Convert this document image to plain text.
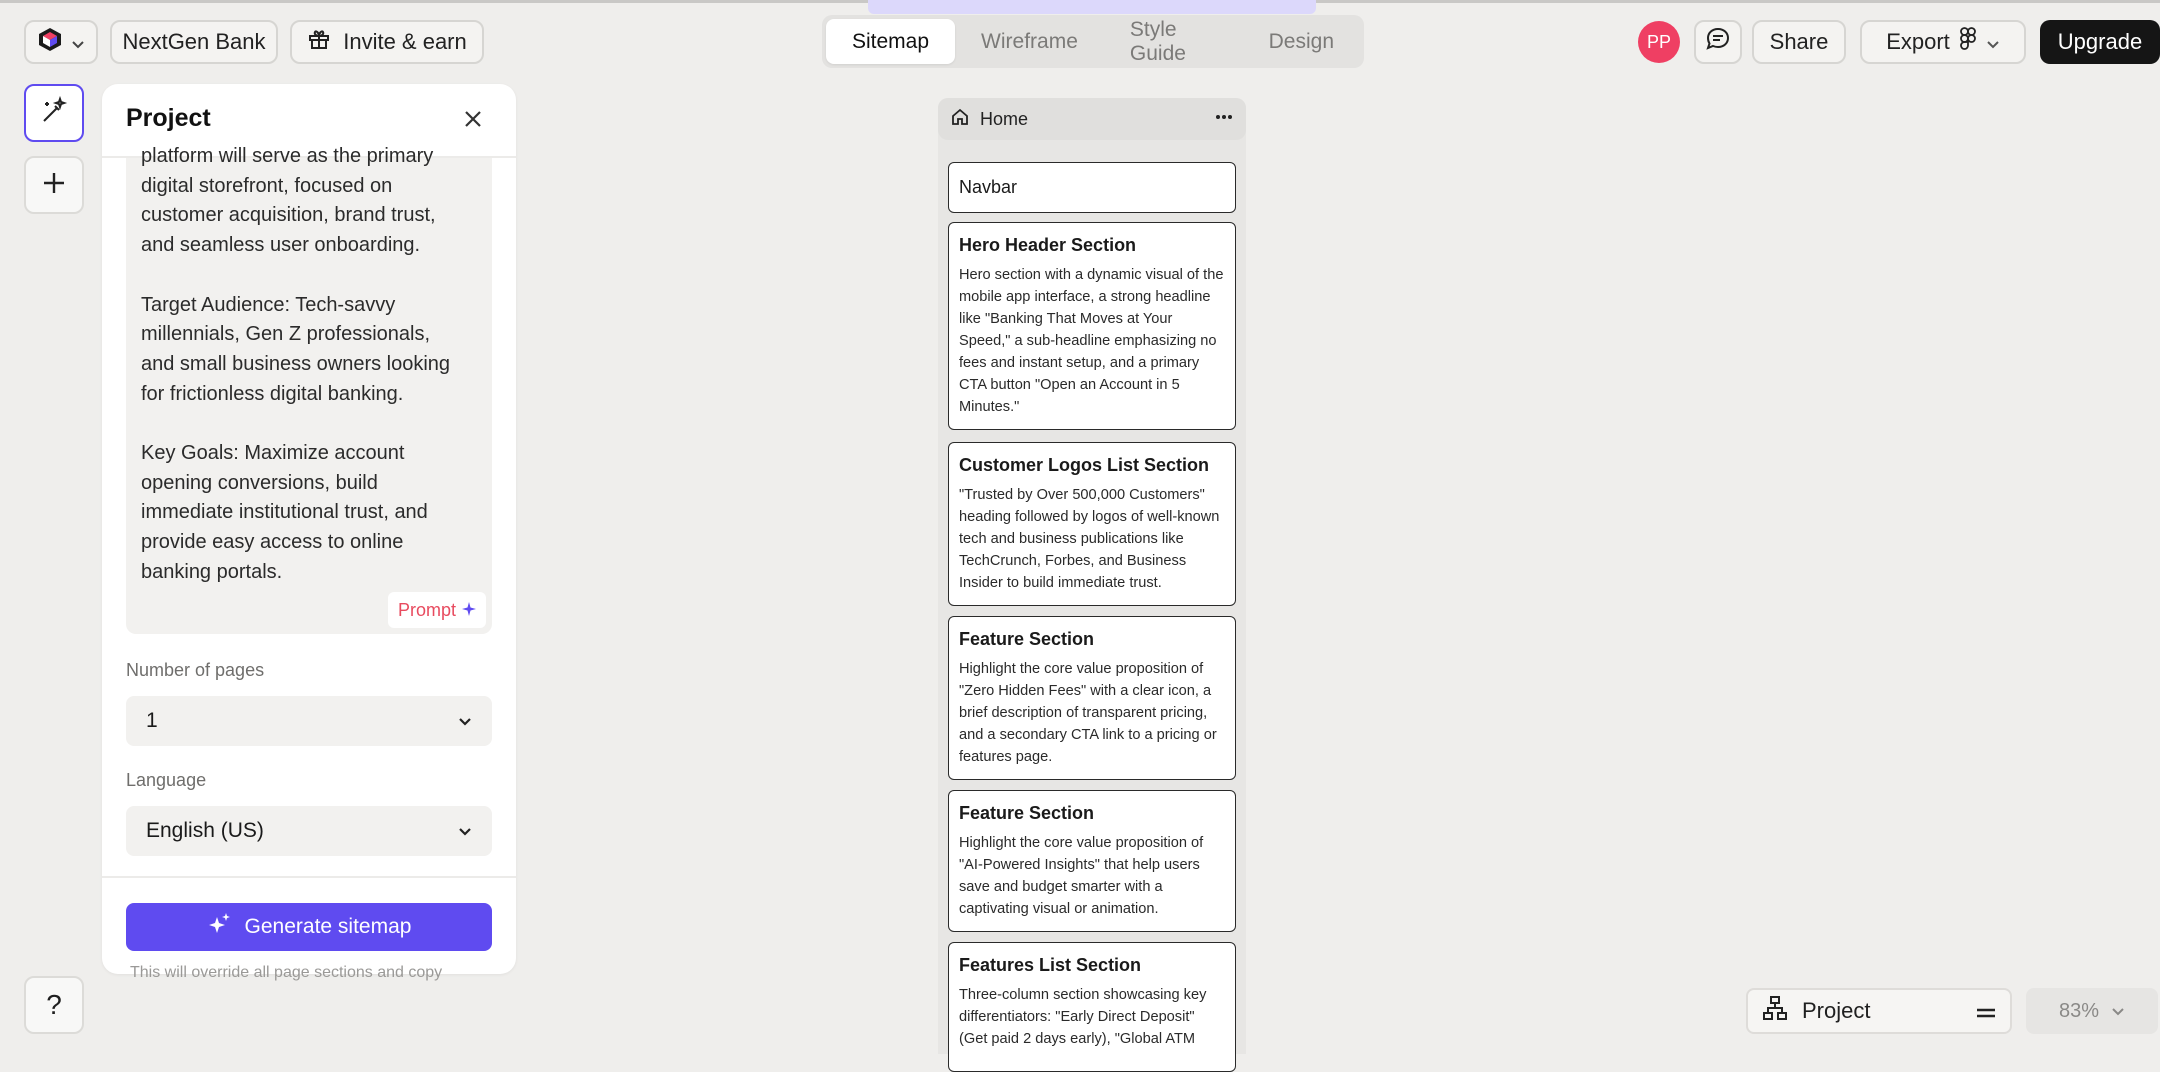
NextGen Bank	Invite & earn	Sitemap	Wireframe
Style Guide
Design	PP	Share	Export	Upgrade
?
Project
platform will serve as the primary
digital storefront, focused on
customer acquisition, brand trust,
and seamless user onboarding.

Target Audience: Tech-savvy
millennials, Gen Z professionals,
and small business owners looking
for frictionless digital banking.

Key Goals: Maximize account
opening conversions, build
immediate institutional trust, and
provide easy access to online
banking portals.
Prompt
Number of pages
1
Language
English (US)
Generate sitemap
This will override all page sections and copy
Home
Navbar
Hero Header Section
Hero section with a dynamic visual of the mobile app interface, a strong headline like "Banking That Moves at Your Speed," a sub-headline emphasizing no fees and instant setup, and a primary CTA button "Open an Account in 5 Minutes."
Customer Logos List Section
"Trusted by Over 500,000 Customers" heading followed by logos of well-known tech and business publications like TechCrunch, Forbes, and Business Insider to build immediate trust.
Feature Section
Highlight the core value proposition of "Zero Hidden Fees" with a clear icon, a brief description of transparent pricing, and a secondary CTA link to a pricing or features page.
Feature Section
Highlight the core value proposition of "AI-Powered Insights" that help users save and budget smarter with a captivating visual or animation.
Features List Section
Three-column section showcasing key differentiators: "Early Direct Deposit" (Get paid 2 days early), "Global ATM
Project	83%
